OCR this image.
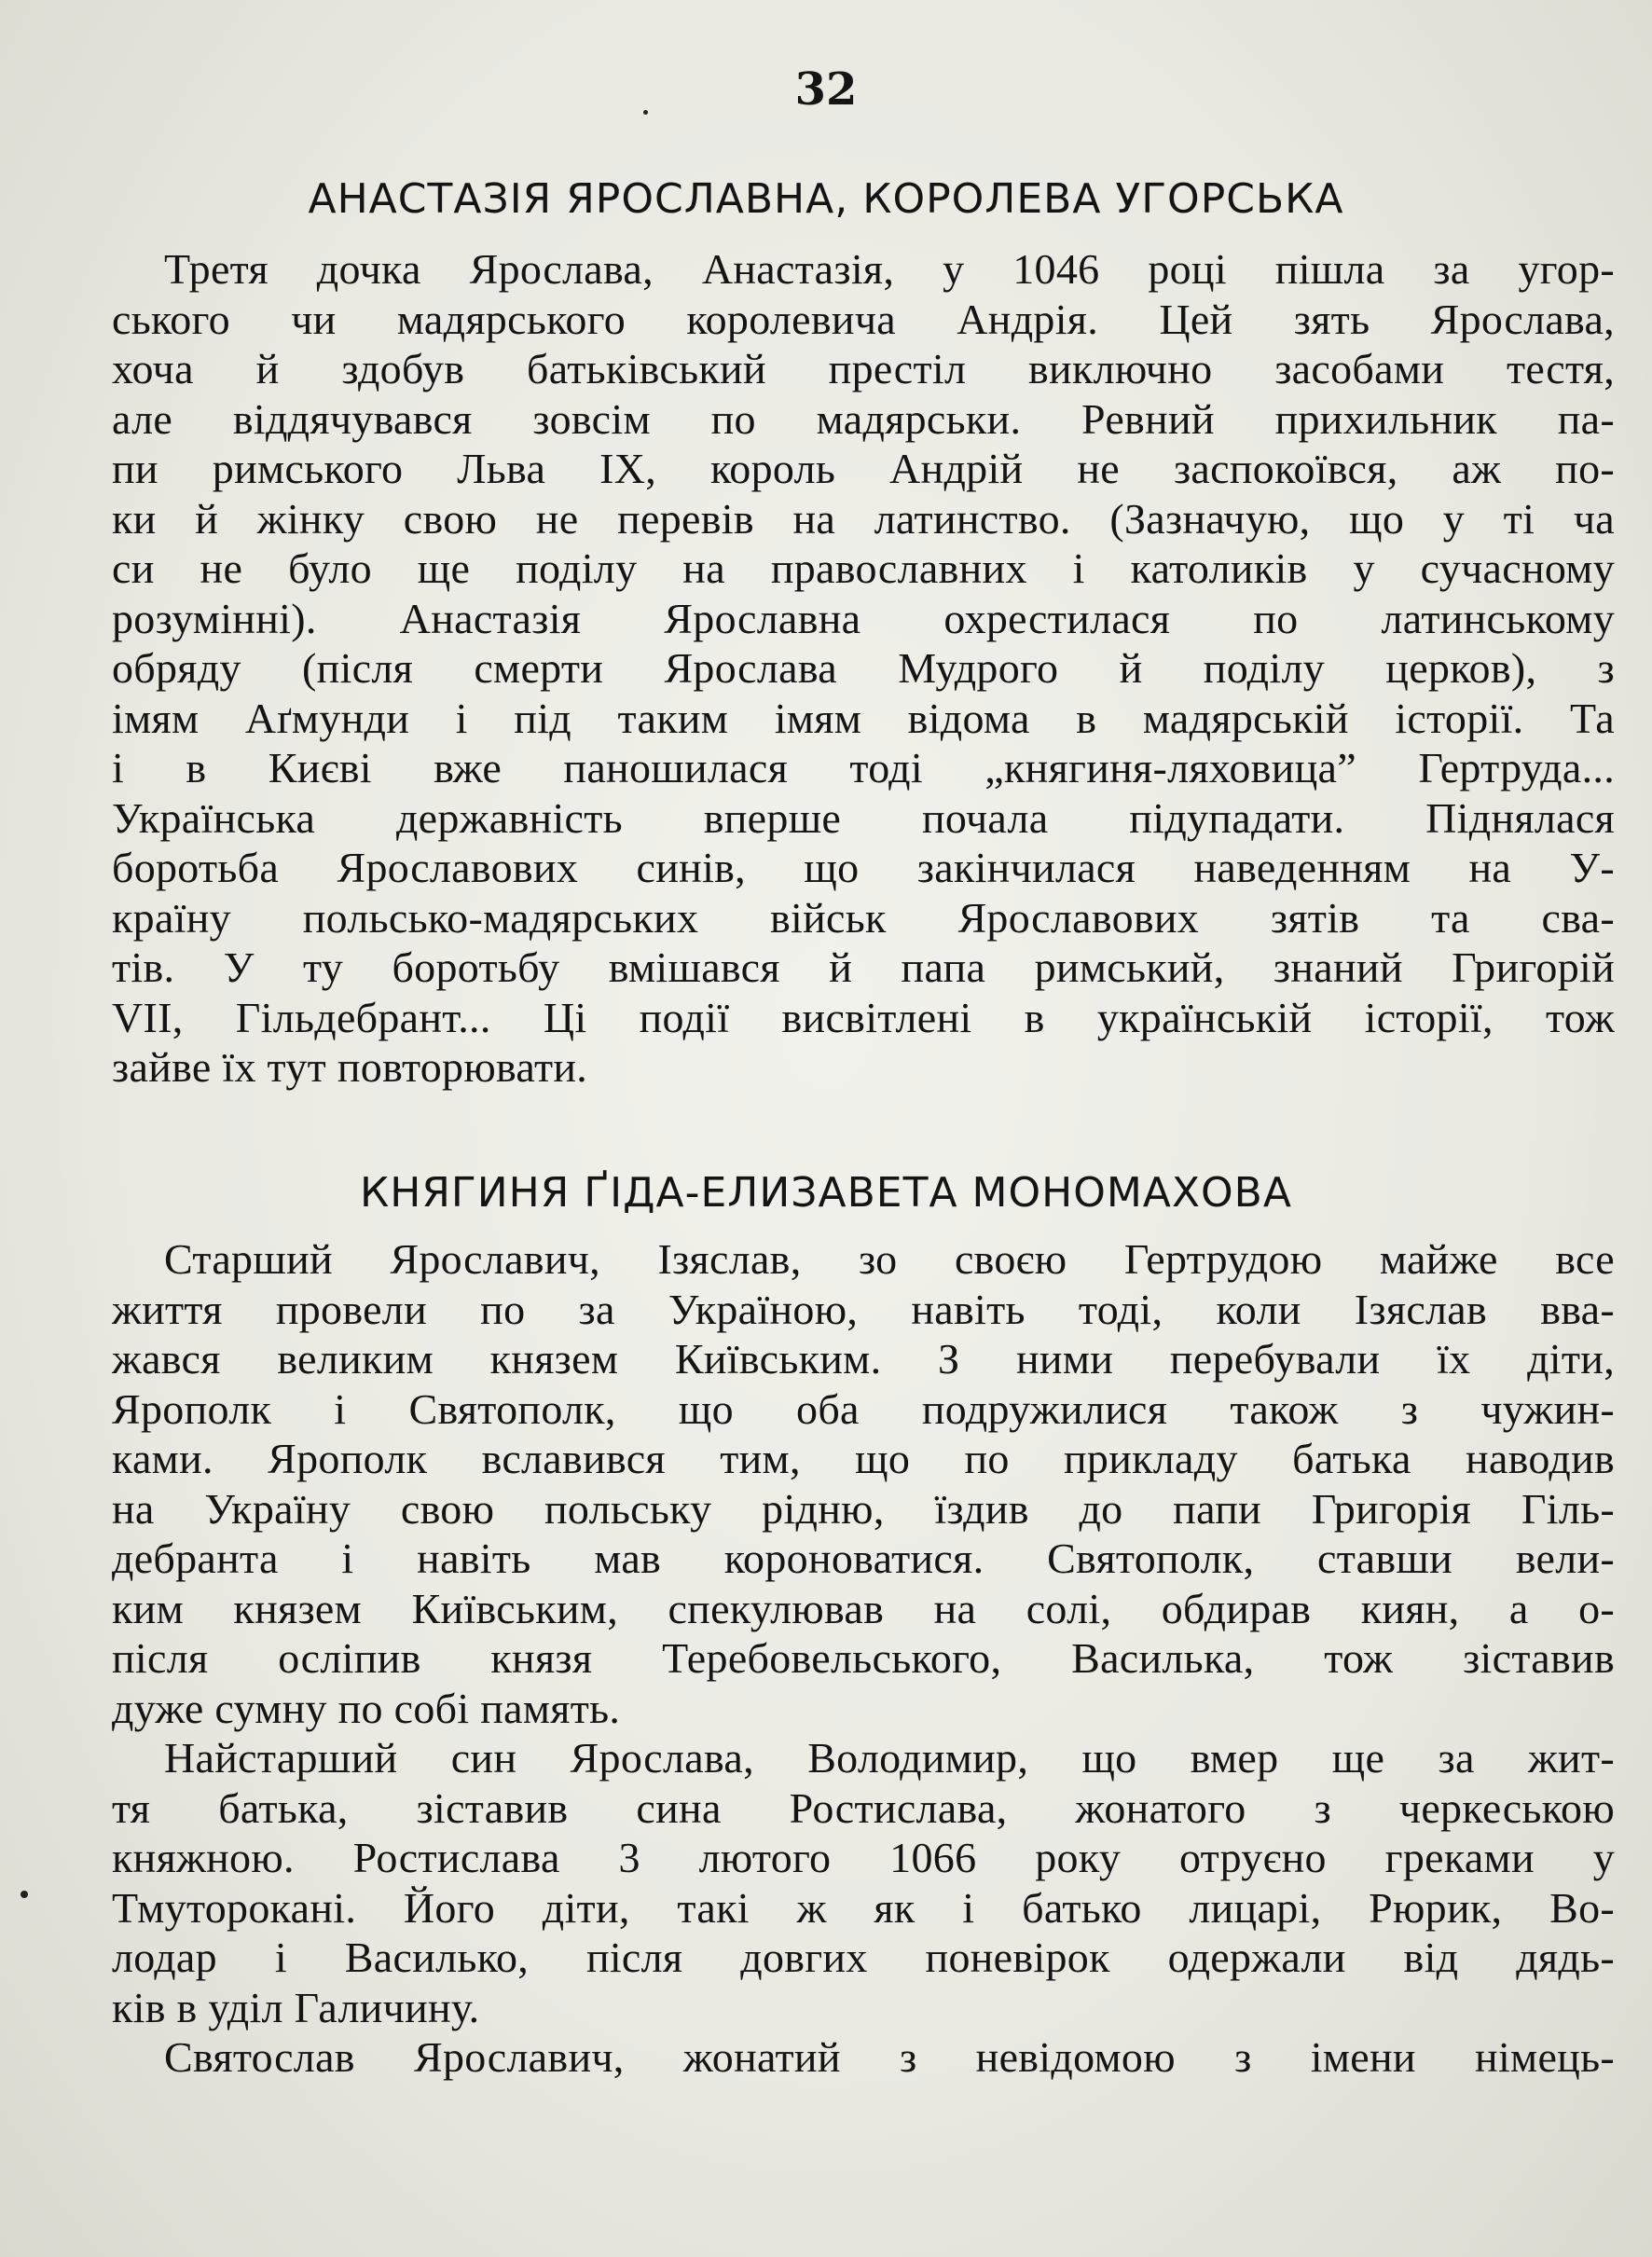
32
АНАСТАЗІЯ ЯРОСЛАВНА, КОРОЛЕВА УГОРСЬКА
Третя дочка Ярослава, Анастазія, у 1046 році пішла за угор-
ського чи мадярського королевича Андрія. Цей зять Ярослава,
хоча й здобув батьківський престіл виключно засобами тестя,
але віддячувався зовсім по мадярськи. Ревний прихильник па-
пи римського Льва IX, король Андрій не заспокоївся, аж по-
ки й жінку свою не перевів на латинство. (Зазначую, що у ті ча
си не було ще поділу на православних і католиків у сучасному
розумінні). Анастазія Ярославна охрестилася по латинському
обряду (після смерти Ярослава Мудрого й поділу церков), з
імям Аґмунди і під таким імям відома в мадярській історії. Та
і в Києві вже паношилася тоді „княгиня-ляховица” Гертруда...
Українська державність вперше почала підупадати. Піднялася
боротьба Ярославових синів, що закінчилася наведенням на У-
країну польсько-мадярських військ Ярославових зятів та сва-
тів. У ту боротьбу вмішався й папа римський, знаний Григорій
VII, Гільдебрант... Ці події висвітлені в українській історії, тож
зайве їх тут повторювати.
КНЯГИНЯ ҐІДА-ЕЛИЗАВЕТА МОНОМАХОВА
Старший Ярославич, Ізяслав, зо своєю Гертрудою майже все
життя провели по за Україною, навіть тоді, коли Ізяслав вва-
жався великим князем Київським. З ними перебували їх діти,
Ярополк і Святополк, що оба подружилися також з чужин-
ками. Ярополк вславився тим, що по прикладу батька наводив
на Україну свою польську рідню, їздив до папи Григорія Гіль-
дебранта і навіть мав короноватися. Святополк, ставши вели-
ким князем Київським, спекулював на солі, обдирав киян, а о-
після осліпив князя Теребовельського, Василька, тож зіставив
дуже сумну по собі память.
Найстарший син Ярослава, Володимир, що вмер ще за жит-
тя батька, зіставив сина Ростислава, жонатого з черкеською
княжною. Ростислава 3 лютого 1066 року отруєно греками у
Тмуторокані. Його діти, такі ж як і батько лицарі, Рюрик, Во-
лодар і Василько, після довгих поневірок одержали від дядь-
ків в уділ Галичину.
Святослав Ярославич, жонатий з невідомою з імени німець-
